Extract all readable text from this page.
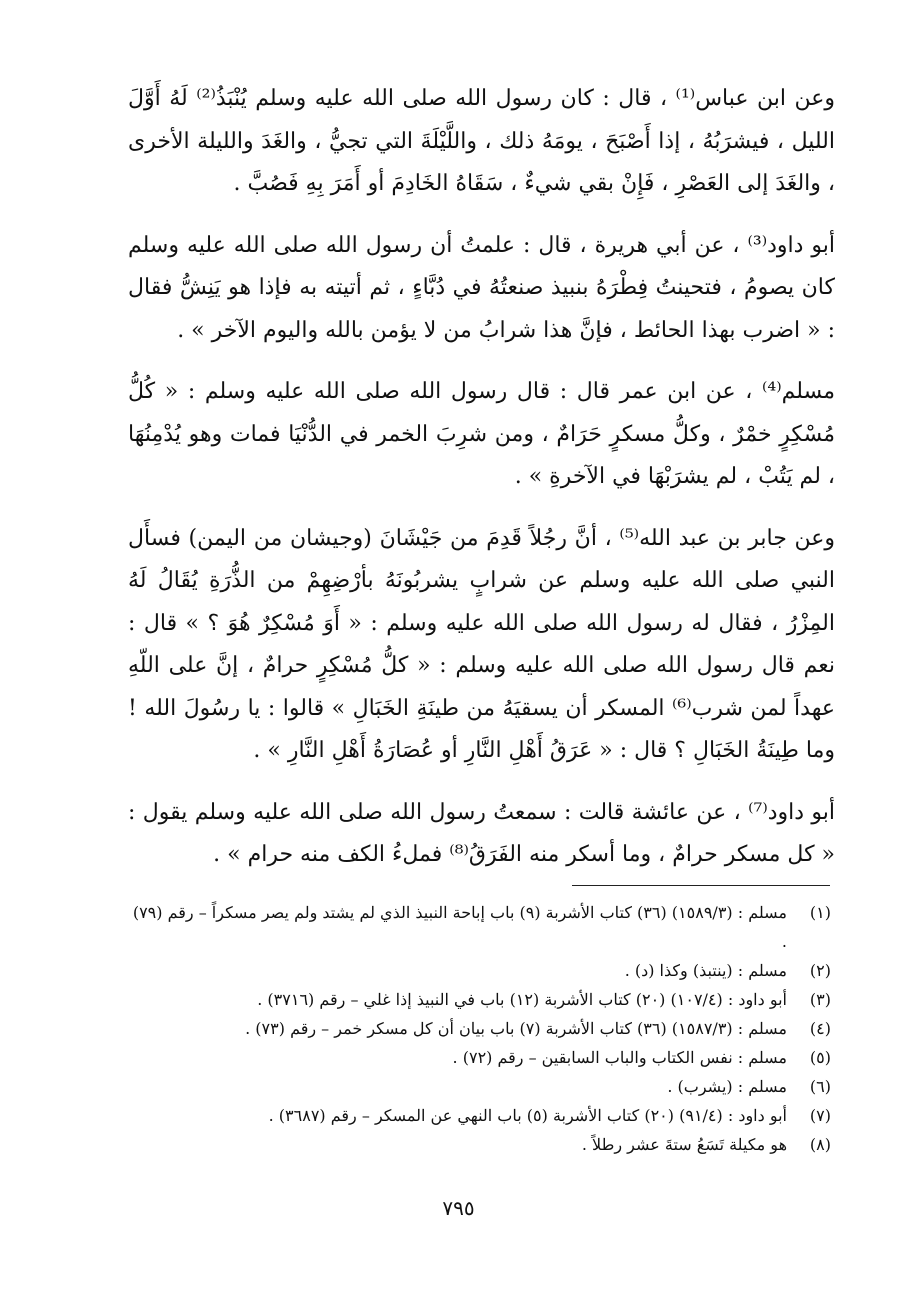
وعن ابن عباس⁽¹⁾ ، قال : كان رسول الله صلى الله عليه وسلم يُنْبَذُ⁽²⁾ لَهُ أَوَّلَ الليل ، فيشرَبُهُ ، إذا أَصْبَحَ ، يومَهُ ذلك ، واللَّيْلَةَ التي تجيُّ ، والغَدَ والليلة الأخرى ، والغَدَ إلى العَصْرِ ، فَإِنْ بقي شيءٌ ، سَقَاهُ الخَادِمَ أو أَمَرَ بِهِ فَصُبَّ .

أبو داود⁽³⁾ ، عن أبي هريرة ، قال : علمتُ أن رسول الله صلى الله عليه وسلم كان يصومُ ، فتحينتُ فِطْرَهُ بنبيذ صنعتُهُ في دُبَّاءٍ ، ثم أتيته به فإذا هو يَنِشُّ فقال : « اضرب بهذا الحائط ، فإنَّ هذا شرابُ من لا يؤمن بالله واليوم الآخر » .

مسلم⁽⁴⁾ ، عن ابن عمر قال : قال رسول الله صلى الله عليه وسلم : « كُلُّ مُسْكِرٍ خمْرٌ ، وكلُّ مسكرٍ حَرَامٌ ، ومن شرِبَ الخمر في الدُّنْيَا فمات وهو يُدْمِنُهَا ، لم يَتُبْ ، لم يشرَبْهَا في الآخرةِ » .

وعن جابر بن عبد الله⁽⁵⁾ ، أنَّ رجُلاً قَدِمَ من جَيْشَانَ (وجيشان من اليمن) فسأَل النبي صلى الله عليه وسلم عن شرابٍ يشربُونَهُ بأرْضِهِمْ من الذُّرَةِ يُقَالُ لَهُ المِزْرُ ، فقال له رسول الله صلى الله عليه وسلم : « أَوَ مُسْكِرٌ هُوَ ؟ » قال : نعم قال رسول الله صلى الله عليه وسلم : « كلُّ مُسْكِرٍ حرامٌ ، إنَّ على اللّهِ عهداً لمن شرب⁽⁶⁾ المسكر أن يسقيَهُ من طينَةِ الخَبَالِ » قالوا : يا رسُولَ الله ! وما طِينَةُ الخَبَالِ ؟ قال : « عَرَقُ أَهْلِ النَّارِ أو عُصَارَةُ أَهْلِ النَّارِ » .

أبو داود⁽⁷⁾ ، عن عائشة قالت : سمعتُ رسول الله صلى الله عليه وسلم يقول : « كل مسكر حرامٌ ، وما أسكر منه الفَرَقُ⁽⁸⁾ فملءُ الكف منه حرام » .

(١)
مسلم : (١٥٨٩/٣) (٣٦) كتاب الأشربة (٩) باب إباحة النبيذ الذي لم يشتد ولم يصر مسكراً – رقم (٧٩) .
(٢)
مسلم : (ينتبذ) وكذا (د) .
(٣)
أبو داود : (١٠٧/٤) (٢٠) كتاب الأشربة (١٢) باب في النبيذ إذا غلي – رقم (٣٧١٦) .
(٤)
مسلم : (١٥٨٧/٣) (٣٦) كتاب الأشربة (٧) باب بيان أن كل مسكر خمر – رقم (٧٣) .
(٥)
مسلم : نفس الكتاب والباب السابقين – رقم (٧٢) .
(٦)
مسلم : (يشرب) .
(٧)
أبو داود : (٩١/٤) (٢٠) كتاب الأشربة (٥) باب النهي عن المسكر – رقم (٣٦٨٧) .
(٨)
هو مكيلة تَسَعُ ستةَ عشر رطلاً .
٧٩٥
